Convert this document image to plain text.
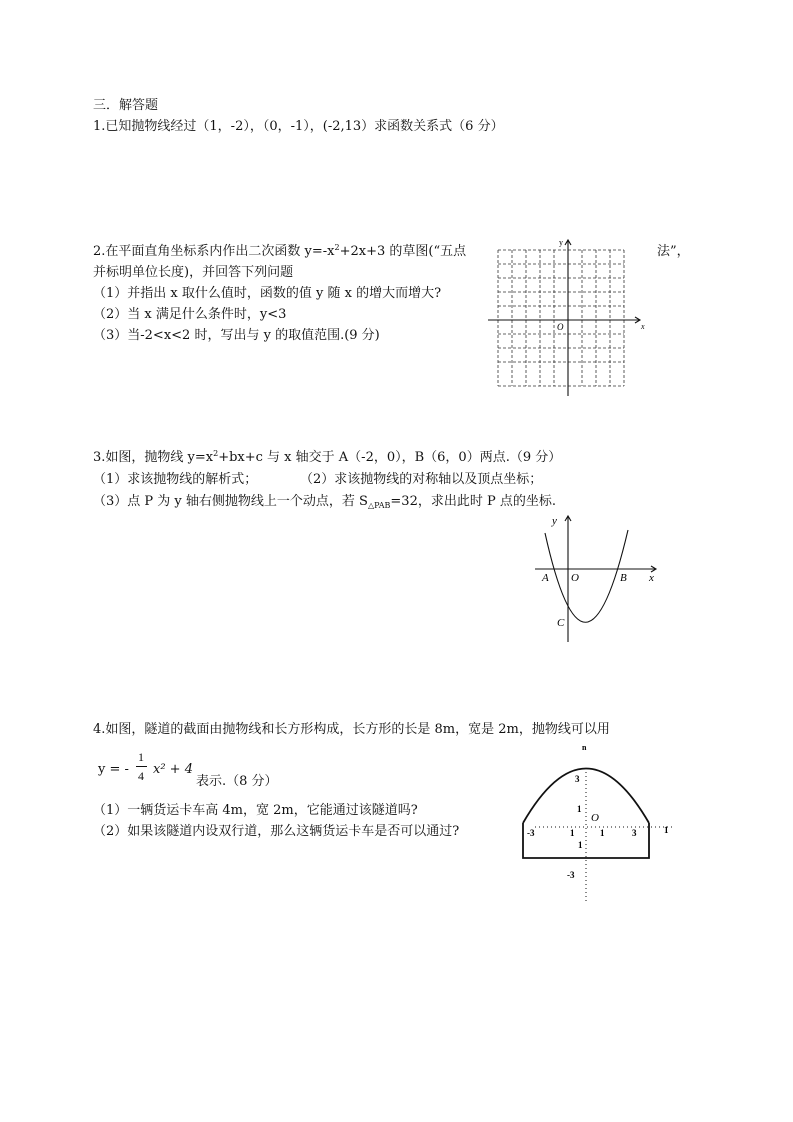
三．解答题
1.已知抛物线经过（1，-2），（0，-1），(-2,13）求函数关系式（6 分）
2.在平面直角坐标系内作出二次函数 $y=-x^2+2x+3$ 的草图(“五点	法”，
并标明单位长度)，并回答下列问题
（1）并指出 x 取什么值时，函数的值 y 随 x 的增大而增大?
（2）当 x 满足什么条件时，y<3
（3）当-2<x<2 时，写出与 y 的取值范围.(9 分)
y
x
O
3.如图，抛物线 $y=x^2+bx+c$ 与 x 轴交于 A（-2，0），B（6，0）两点.（9 分）
（1）求该抛物线的解析式；	（2）求该抛物线的对称轴以及顶点坐标；
（3）点 P 为 y 轴右侧抛物线上一个动点，若 S△PAB=32，求出此时 P 点的坐标.
y
x
A O	B
C
4.如图，隧道的截面由抛物线和长方形构成，长方形的长是 8m，宽是 2m，抛物线可以用
y = -
1
4 x² + 4
表示.（8 分）
（1）一辆货运卡车高 4m，宽 2m，它能通过该隧道吗?
（2）如果该隧道内设双行道，那么这辆货运卡车是否可以通过?
n
3
1
O
-3	1	1	3	1
1
-3
